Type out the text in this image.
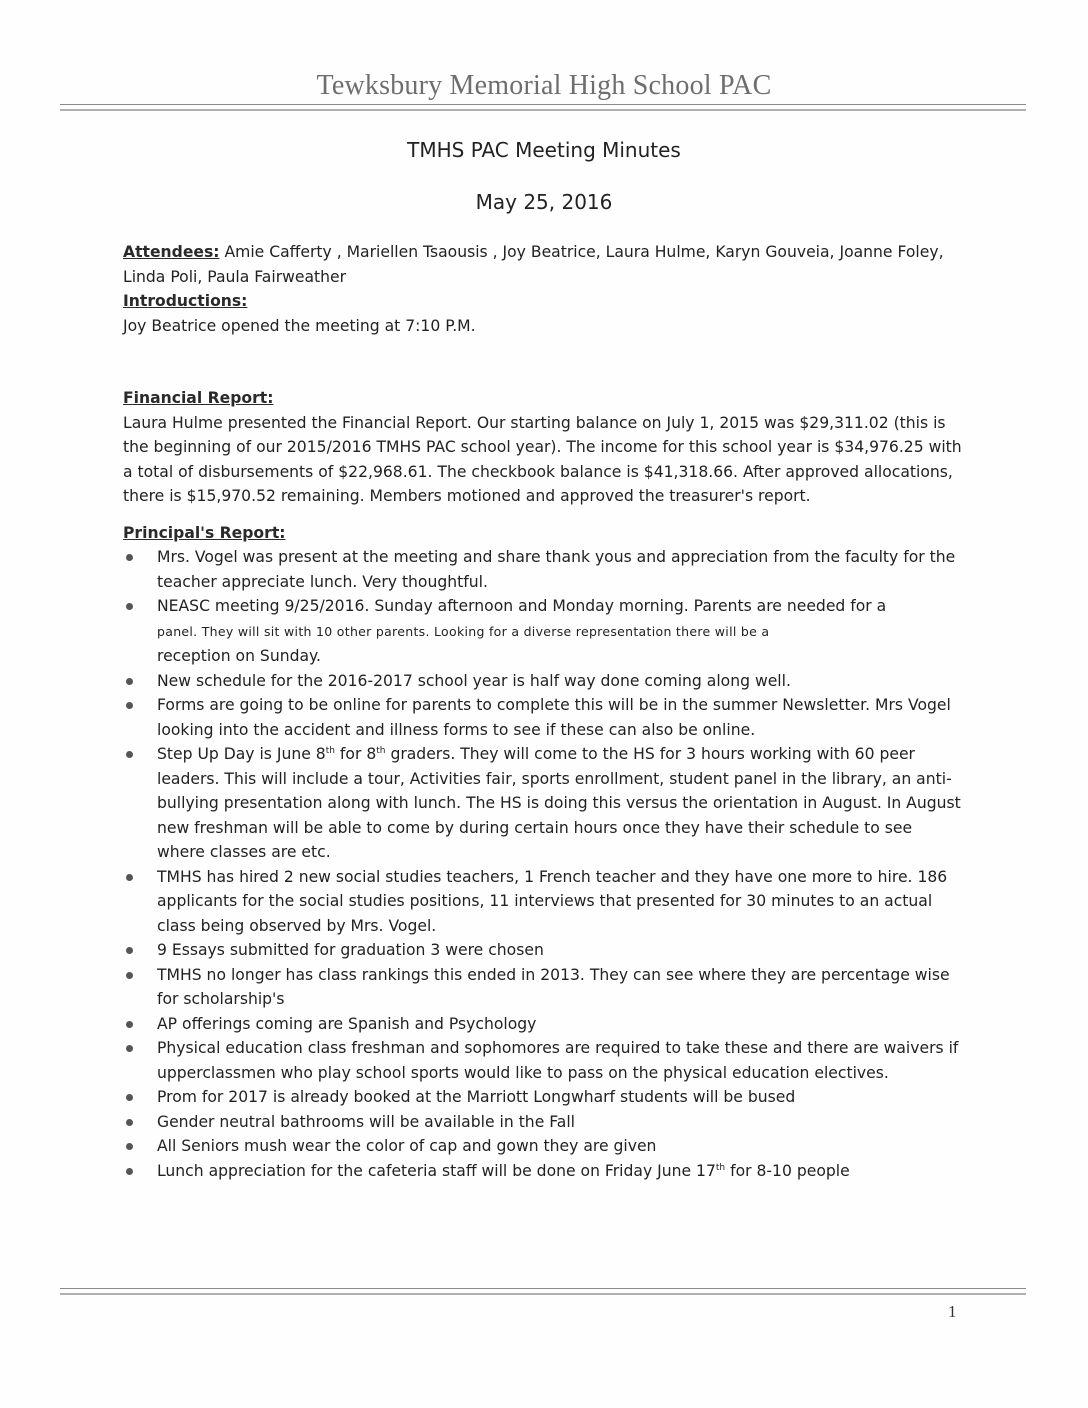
Tewksbury Memorial High School PAC
TMHS PAC Meeting Minutes
May 25, 2016

Attendees: Amie Cafferty , Mariellen Tsaousis , Joy Beatrice, Laura Hulme, Karyn Gouveia, Joanne Foley, Linda Poli, Paula Fairweather

Introductions:

Joy Beatrice opened the meeting at 7:10 P.M.

Financial Report:

Laura Hulme presented the Financial Report. Our starting balance on July 1, 2015 was $29,311.02 (this is the beginning of our 2015/2016 TMHS PAC school year). The income for this school year is $34,976.25 with a total of disbursements of $22,968.61. The checkbook balance is $41,318.66. After approved allocations, there is $15,970.52 remaining. Members motioned and approved the treasurer's report.

Principal's Report:

Mrs. Vogel was present at the meeting and share thank yous and appreciation from the faculty for the teacher appreciate lunch. Very thoughtful.
NEASC meeting 9/25/2016. Sunday afternoon and Monday morning. Parents are needed for a
panel. They will sit with 10 other parents. Looking for a diverse representation there will be a
reception on Sunday.
New schedule for the 2016-2017 school year is half way done coming along well.
Forms are going to be online for parents to complete this will be in the summer Newsletter. Mrs Vogel looking into the accident and illness forms to see if these can also be online.
Step Up Day is June 8th for 8th graders. They will come to the HS for 3 hours working with 60 peer leaders. This will include a tour, Activities fair, sports enrollment, student panel in the library, an anti-bullying presentation along with lunch. The HS is doing this versus the orientation in August. In August new freshman will be able to come by during certain hours once they have their schedule to see where classes are etc.
TMHS has hired 2 new social studies teachers, 1 French teacher and they have one more to hire. 186 applicants for the social studies positions, 11 interviews that presented for 30 minutes to an actual class being observed by Mrs. Vogel.
9 Essays submitted for graduation 3 were chosen
TMHS no longer has class rankings this ended in 2013. They can see where they are percentage wise for scholarship's
AP offerings coming are Spanish and Psychology
Physical education class freshman and sophomores are required to take these and there are waivers if upperclassmen who play school sports would like to pass on the physical education electives.
Prom for 2017 is already booked at the Marriott Longwharf students will be bused
Gender neutral bathrooms will be available in the Fall
All Seniors mush wear the color of cap and gown they are given
Lunch appreciation for the cafeteria staff will be done on Friday June 17th for 8-10 people
1
